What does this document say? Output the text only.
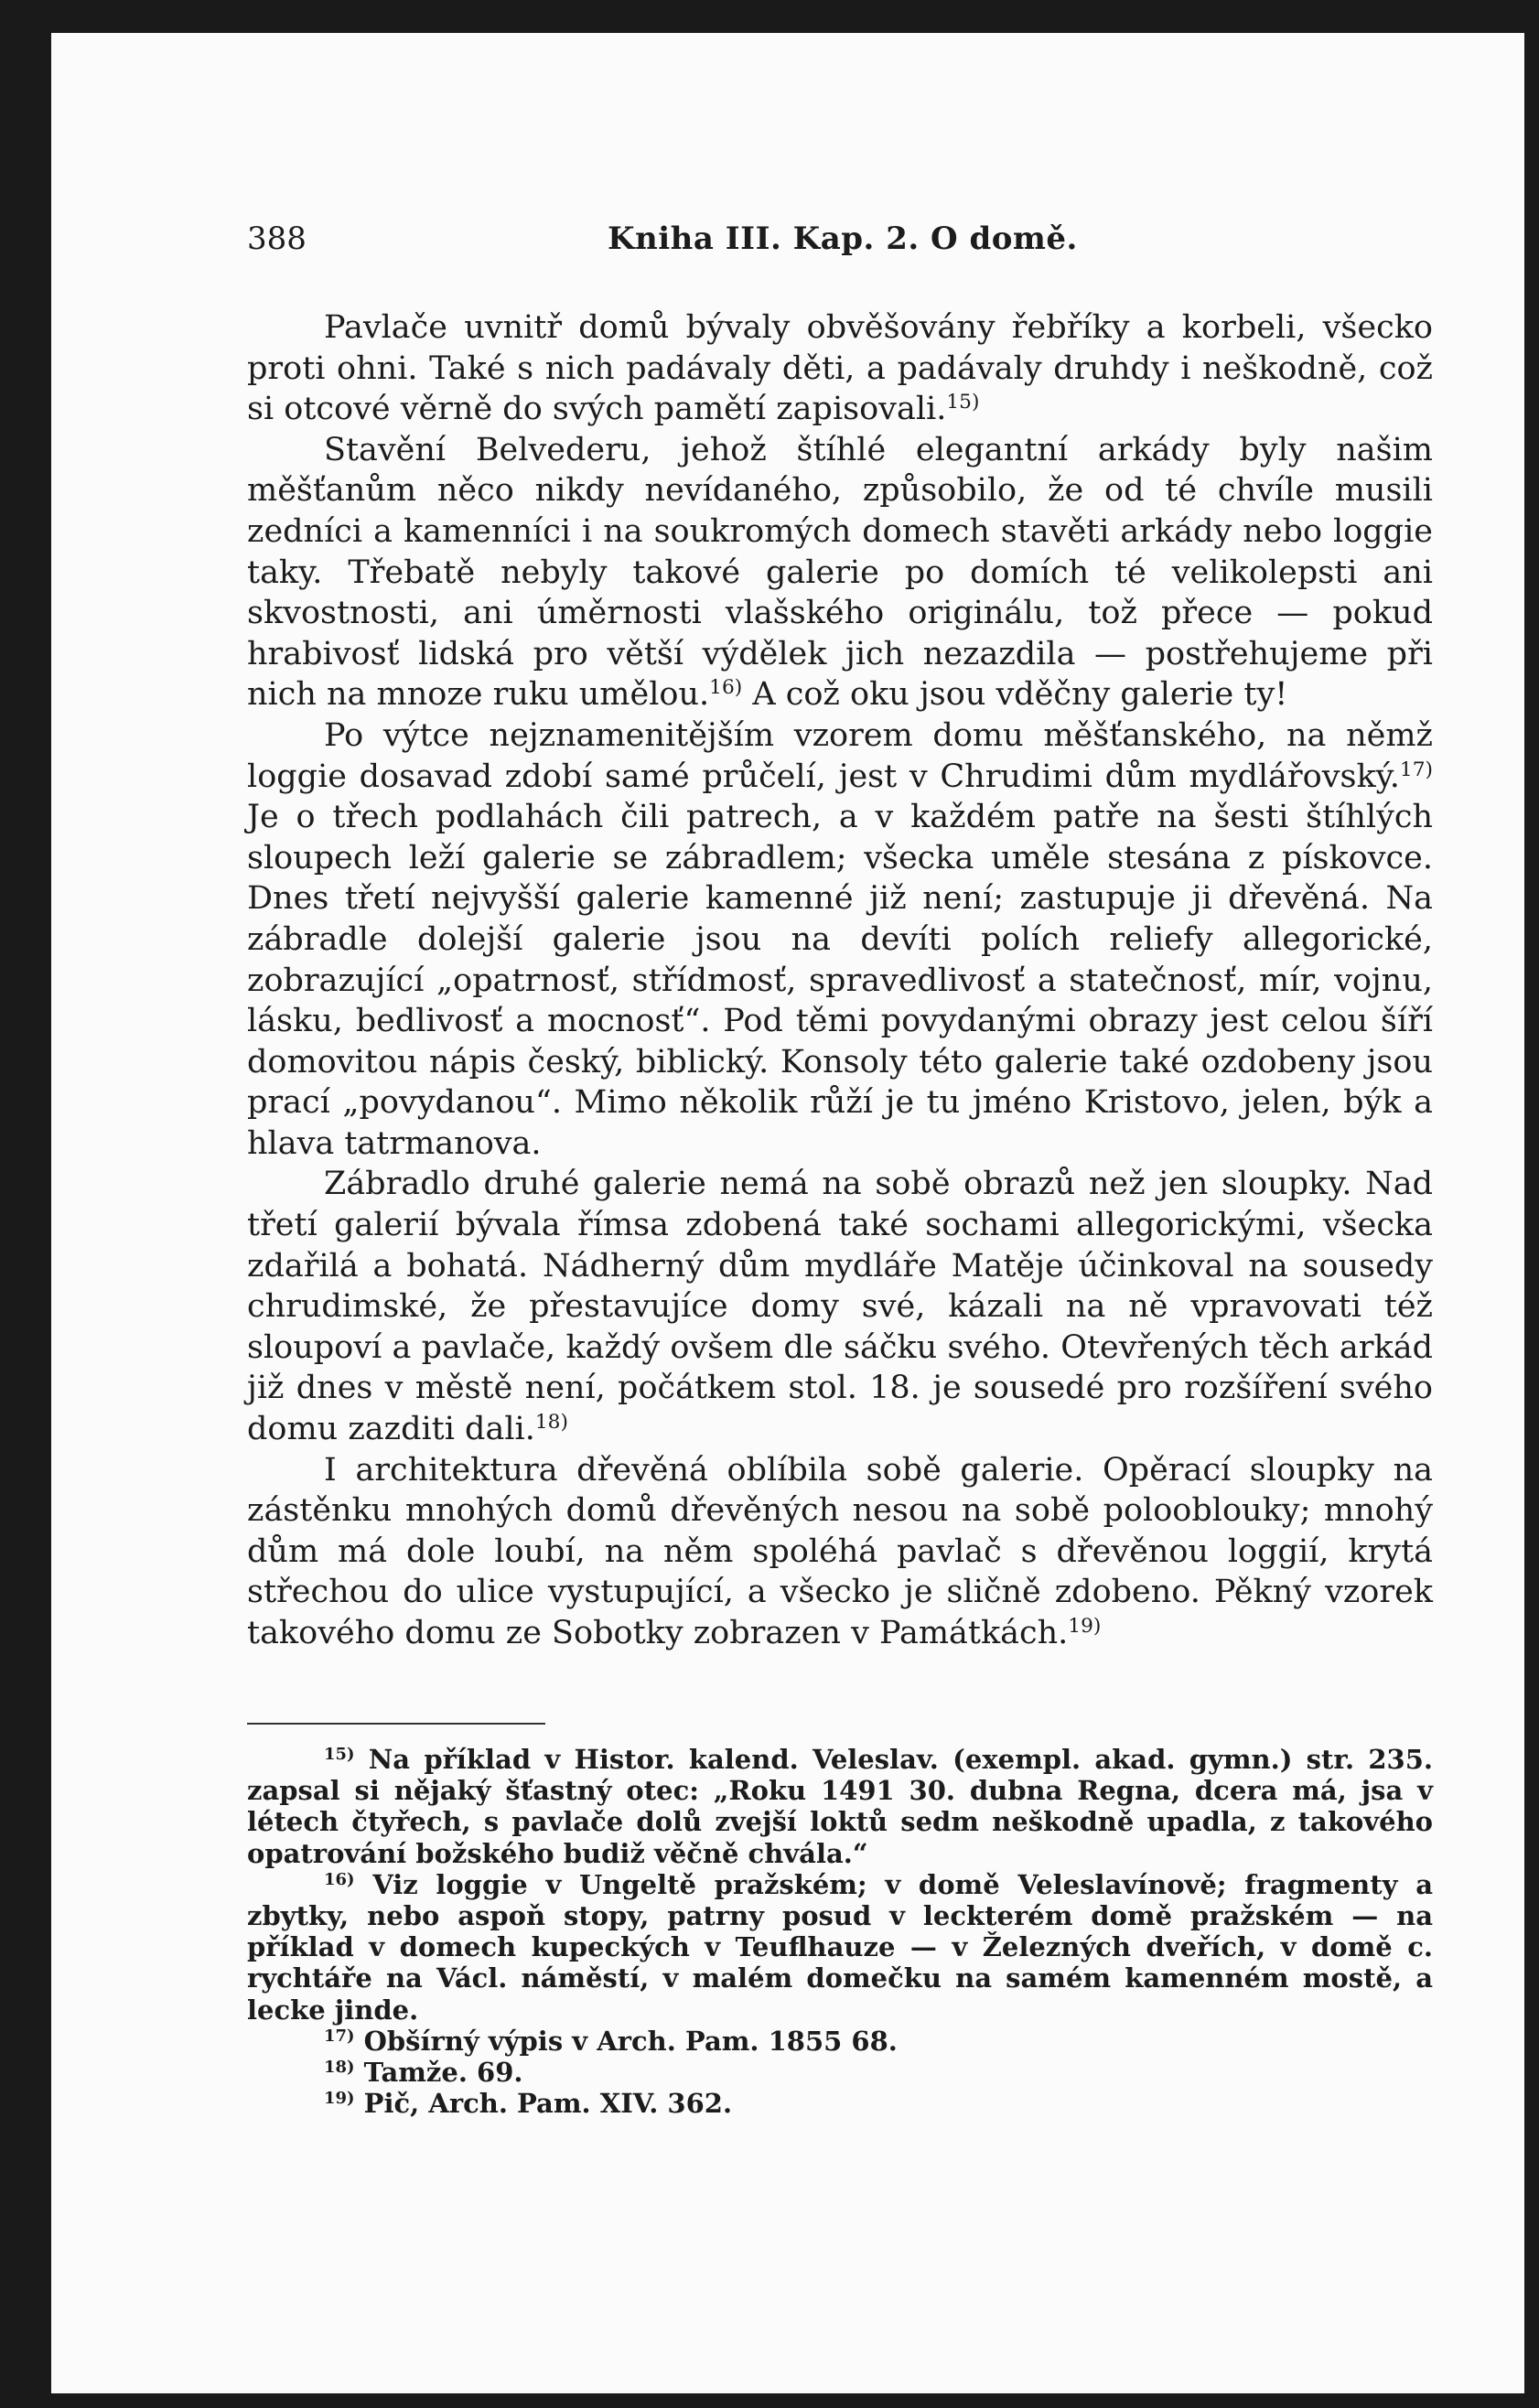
388	Kniha III. Kap. 2. O domě.

Pavlače uvnitř domů bývaly obvěšovány řebříky a korbeli, všecko proti ohni. Také s nich padávaly děti, a padávaly druhdy i neškodně, což si otcové věrně do svých pamětí zapisovali.$^{15)}$

Stavění Belvederu, jehož štíhlé elegantní arkády byly našim měšťanům něco nikdy nevídaného, způsobilo, že od té chvíle musili zedníci a kamenníci i na soukromých domech stavěti arkády nebo loggie taky. Třebatě nebyly takové galerie po domích té velikolepsti ani skvostnosti, ani úměrnosti vlašského originálu, tož přece — pokud hrabivosť lidská pro větší výdělek jich nezazdila — postřehujeme při nich na mnoze ruku umělou.$^{16)}$ A což oku jsou vděčny galerie ty!

Po výtce nejznamenitějším vzorem domu měšťanského, na němž loggie dosavad zdobí samé průčelí, jest v Chrudimi dům mydlářovský.$^{17)}$ Je o třech podlahách čili patrech, a v každém patře na šesti štíhlých sloupech leží galerie se zábradlem; všecka uměle stesána z pískovce. Dnes třetí nejvyšší galerie kamenné již není; zastupuje ji dřevěná. Na zábradle dolejší galerie jsou na devíti polích reliefy allegorické, zobrazující „opatrnosť, střídmosť, spravedlivosť a statečnosť, mír, vojnu, lásku, bedlivosť a mocnosť“. Pod těmi povydanými obrazy jest celou šíří domovitou nápis český, biblický. Konsoly této galerie také ozdobeny jsou prací „povydanou“. Mimo několik růží je tu jméno Kristovo, jelen, býk a hlava tatrmanova.

Zábradlo druhé galerie nemá na sobě obrazů než jen sloupky. Nad třetí galerií bývala římsa zdobená také sochami allegorickými, všecka zdařilá a bohatá. Nádherný dům mydláře Matěje účinkoval na sousedy chrudimské, že přestavujíce domy své, kázali na ně vpravovati též sloupoví a pavlače, každý ovšem dle sáčku svého. Otevřených těch arkád již dnes v městě není, počátkem stol. 18. je sousedé pro rozšíření svého domu zazditi dali.$^{18)}$

I architektura dřevěná oblíbila sobě galerie. Opěrací sloupky na zástěnku mnohých domů dřevěných nesou na sobě polooblouky; mnohý dům má dole loubí, na něm spoléhá pavlač s dřevěnou loggií, krytá střechou do ulice vystupující, a všecko je sličně zdobeno. Pěkný vzorek takového domu ze Sobotky zobrazen v Památkách.$^{19)}$

$^{15)}$ Na příklad v Histor. kalend. Veleslav. (exempl. akad. gymn.) str. 235. zapsal si nějaký šťastný otec: „Roku 1491 30. dubna Regna, dcera má, jsa v létech čtyřech, s pavlače dolů zvejší loktů sedm neškodně upadla, z takového opatrování božského budiž věčně chvála.“

$^{16)}$ Viz loggie v Ungeltě pražském; v domě Veleslavínově; fragmenty a zbytky, nebo aspoň stopy, patrny posud v leckterém domě pražském — na příklad v domech kupeckých v Teuflhauze — v Železných dveřích, v domě c. rychtáře na Václ. náměstí, v malém domečku na samém kamenném mostě, a lecke jinde.

$^{17)}$ Obšírný výpis v Arch. Pam. 1855 68.

$^{18)}$ Tamže. 69.

$^{19)}$ Pič, Arch. Pam. XIV. 362.
